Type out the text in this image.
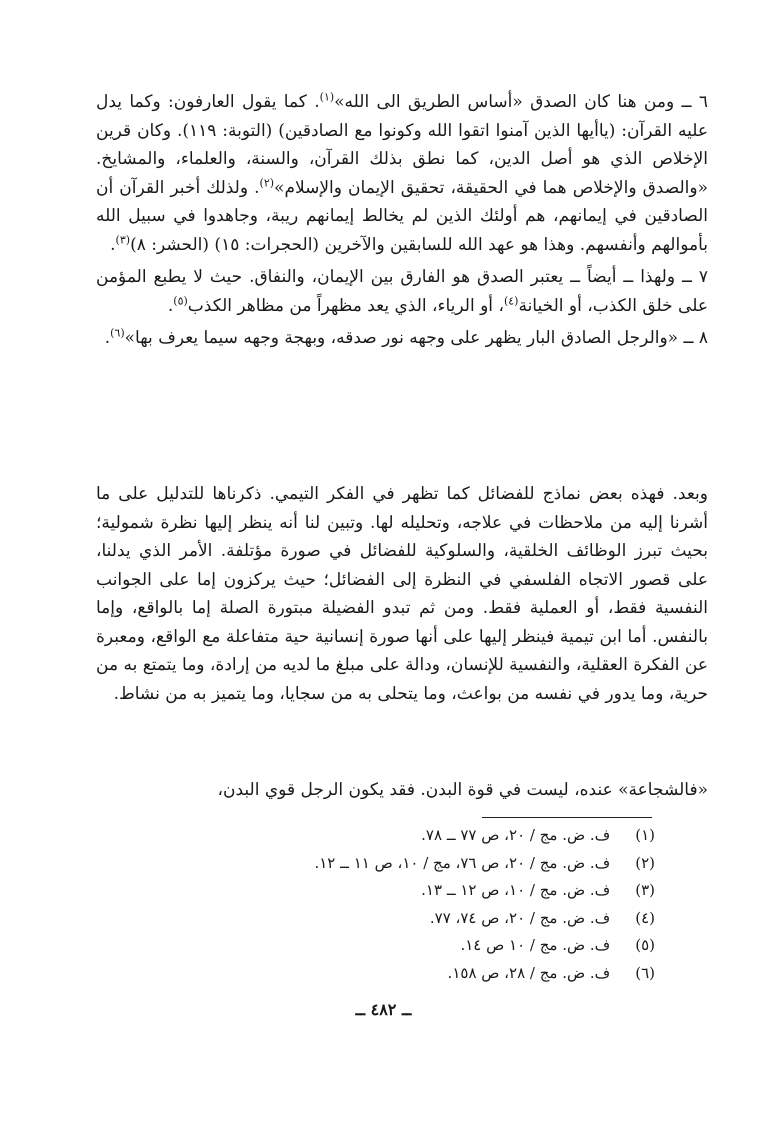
٦ ــ ومن هنا كان الصدق «أساس الطريق الى الله»$^{(١)}$. كما يقول العارفون: وكما يدل عليه القرآن: (ياأيها الذين آمنوا اتقوا الله وكونوا مع الصادقين) (التوبة: ١١٩). وكان قرين الإخلاص الذي هو أصل الدين، كما نطق بذلك القرآن، والسنة، والعلماء، والمشايخ. «والصدق والإخلاص هما في الحقيقة، تحقيق الإيمان والإسلام»$^{(٢)}$. ولذلك أخبر القرآن أن الصادقين في إيمانهم، هم أولئك الذين لم يخالط إيمانهم ريبة، وجاهدوا في سبيل الله بأموالهم وأنفسهم. وهذا هو عهد الله للسابقين والآخرين (الحجرات: ١٥) (الحشر: ٨)$^{(٣)}$.

٧ ــ ولهذا ــ أيضاً ــ يعتبر الصدق هو الفارق بين الإيمان، والنفاق. حيث لا يطبع المؤمن على خلق الكذب، أو الخيانة$^{(٤)}$، أو الرياء، الذي يعد مظهراً من مظاهر الكذب$^{(٥)}$.

٨ ــ «والرجل الصادق البار يظهر على وجهه نور صدقه، وبهجة وجهه سيما يعرف بها»$^{(٦)}$.

وبعد. فهذه بعض نماذج للفضائل كما تظهر في الفكر التيمي. ذكرناها للتدليل على ما أشرنا إليه من ملاحظات في علاجه، وتحليله لها. وتبين لنا أنه ينظر إليها نظرة شمولية؛ بحيث تبرز الوظائف الخلقية، والسلوكية للفضائل في صورة مؤتلفة. الأمر الذي يدلنا، على قصور الاتجاه الفلسفي في النظرة إلى الفضائل؛ حيث يركزون إما على الجوانب النفسية فقط، أو العملية فقط. ومن ثم تبدو الفضيلة مبتورة الصلة إما بالواقع، وإما بالنفس. أما ابن تيمية فينظر إليها على أنها صورة إنسانية حية متفاعلة مع الواقع، ومعبرة عن الفكرة العقلية، والنفسية للإنسان، ودالة على مبلغ ما لديه من إرادة، وما يتمتع به من حرية، وما يدور في نفسه من بواعث، وما يتحلى به من سجايا، وما يتميز به من نشاط.
«فالشجاعة» عنده، ليست في قوة البدن. فقد يكون الرجل قوي البدن،
(١) ف. ض. مج / ٢٠، ص ٧٧ ــ ٧٨.
(٢) ف. ض. مج / ٢٠، ص ٧٦، مج / ١٠، ص ١١ ــ ١٢.
(٣) ف. ض. مج / ١٠، ص ١٢ ــ ١٣.
(٤) ف. ض. مج / ٢٠، ص ٧٤، ٧٧.
(٥) ف. ض. مج / ١٠ ص ١٤.
(٦) ف. ض. مج / ٢٨، ص ١٥٨.
ــ ٤٨٢ ــ
